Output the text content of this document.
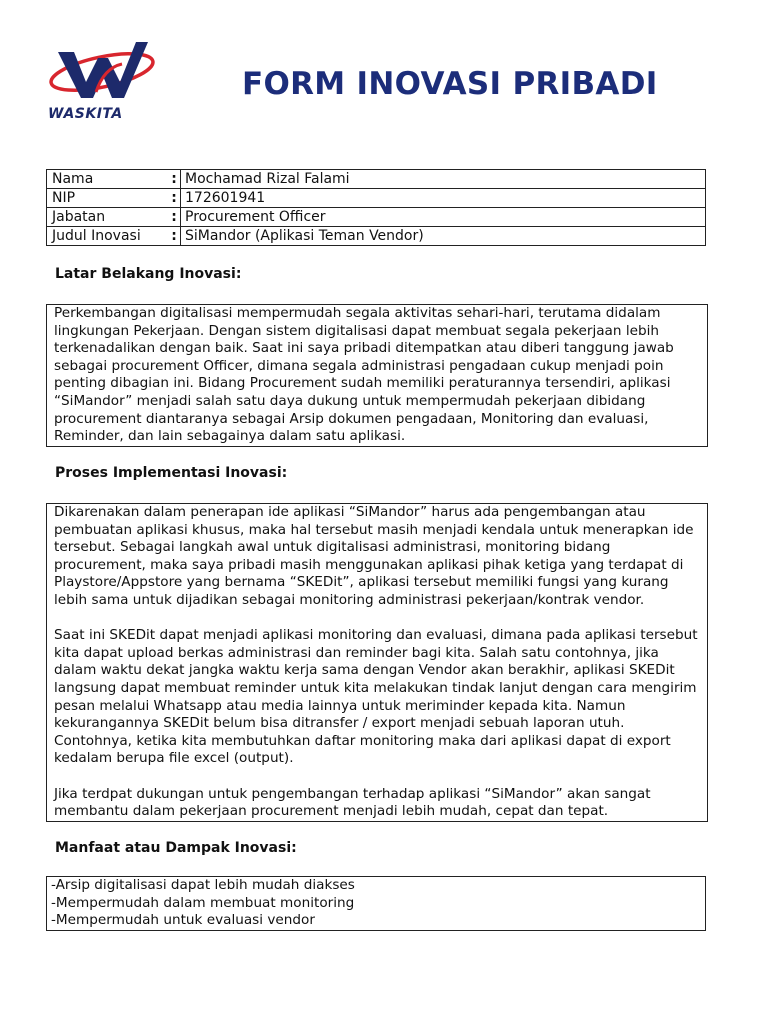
WASKITA
FORM INOVASI PRIBADI
Nama	:	Mochamad Rizal Falami
NIP	:	172601941
Jabatan	:	Procurement Officer
Judul Inovasi	:	SiMandor (Aplikasi Teman Vendor)
Latar Belakang Inovasi:

Perkembangan digitalisasi mempermudah segala aktivitas sehari-hari, terutama didalam lingkungan Pekerjaan. Dengan sistem digitalisasi dapat membuat segala pekerjaan lebih terkenadalikan dengan baik. Saat ini saya pribadi ditempatkan atau diberi tanggung jawab sebagai procurement Officer, dimana segala administrasi pengadaan cukup menjadi poin penting dibagian ini. Bidang Procurement sudah memiliki peraturannya tersendiri, aplikasi “SiMandor” menjadi salah satu daya dukung untuk mempermudah pekerjaan dibidang procurement diantaranya sebagai Arsip dokumen pengadaan, Monitoring dan evaluasi, Reminder, dan lain sebagainya dalam satu aplikasi.

Proses Implementasi Inovasi:

Dikarenakan dalam penerapan ide aplikasi “SiMandor” harus ada pengembangan atau pembuatan aplikasi khusus, maka hal tersebut masih menjadi kendala untuk menerapkan ide tersebut. Sebagai langkah awal untuk digitalisasi administrasi, monitoring bidang procurement, maka saya pribadi masih menggunakan aplikasi pihak ketiga yang terdapat di Playstore/Appstore yang bernama “SKEDit”, aplikasi tersebut memiliki fungsi yang kurang lebih sama untuk dijadikan sebagai monitoring administrasi pekerjaan/kontrak vendor.

Saat ini SKEDit dapat menjadi aplikasi monitoring dan evaluasi, dimana pada aplikasi tersebut kita dapat upload berkas administrasi dan reminder bagi kita. Salah satu contohnya, jika dalam waktu dekat jangka waktu kerja sama dengan Vendor akan berakhir, aplikasi SKEDit langsung dapat membuat reminder untuk kita melakukan tindak lanjut dengan cara mengirim pesan melalui Whatsapp atau media lainnya untuk meriminder kepada kita. Namun kekurangannya SKEDit belum bisa ditransfer / export menjadi sebuah laporan utuh. Contohnya, ketika kita membutuhkan daftar monitoring maka dari aplikasi dapat di export kedalam berupa file excel (output).

Jika terdpat dukungan untuk pengembangan terhadap aplikasi “SiMandor” akan sangat membantu dalam pekerjaan procurement menjadi lebih mudah, cepat dan tepat.

Manfaat atau Dampak Inovasi:
-Arsip digitalisasi dapat lebih mudah diakses
-Mempermudah dalam membuat monitoring
-Mempermudah untuk evaluasi vendor
